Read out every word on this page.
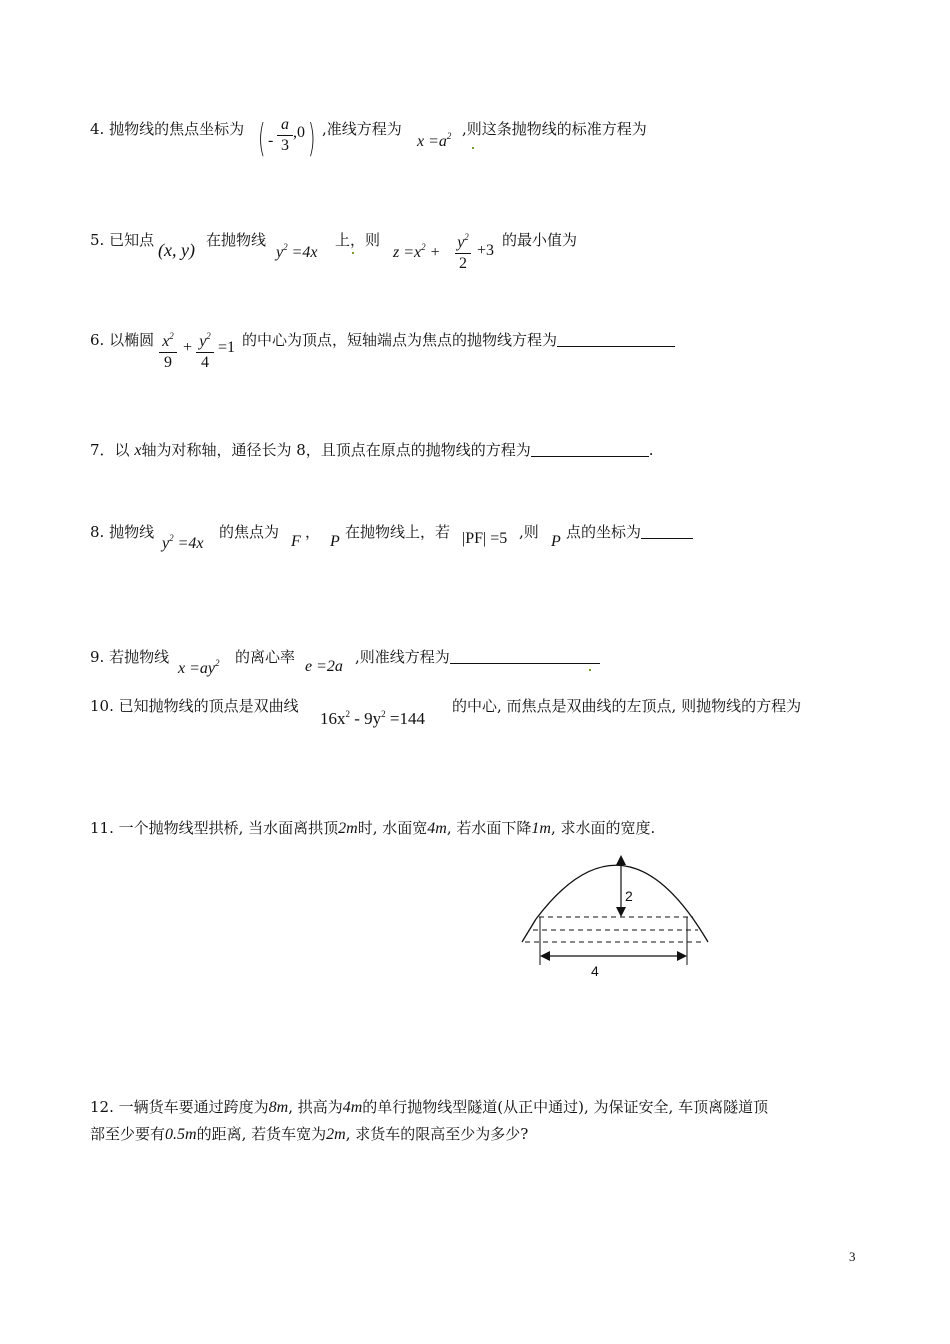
4. 抛物线的焦点坐标为 ( -
a
3
,0 ) ,准线方程为
$x =a^2$ ,则这条抛物线的标准方程为
5. 已知点 (x, y) 在抛物线
$y^2 =4x$
上，则
$z =x^2$ +
$y^2$
2
+3
的最小值为
6. 以椭圆 $x^2$
9
+ $y^2$
4
=1 的中心为顶点，短轴端点为焦点的抛物线方程为
7．以 x轴为对称轴，通径长为 8，且顶点在原点的抛物线的方程为	.
8. 抛物线
$y^2 =4x$
的焦点为
F
，
P
在抛物线上，若 |PF| =5 ,则
P
点的坐标为
9. 若抛物线
$x =ay^2$ 的离心率
e =2a
,则准线方程为
10. 已知抛物线的顶点是双曲线
$16x^2 - 9y^2 =144$
的中心, 而焦点是双曲线的左顶点, 则抛物线的方程为
11. 一个抛物线型拱桥, 当水面离拱顶2m时, 水面宽4m, 若水面下降1m, 求水面的宽度.
2
4
12. 一辆货车要通过跨度为8m, 拱高为4m的单行抛物线型隧道(从正中通过), 为保证安全, 车顶离隧道顶
部至少要有0.5m的距离, 若货车宽为2m, 求货车的限高至少为多少?
3
